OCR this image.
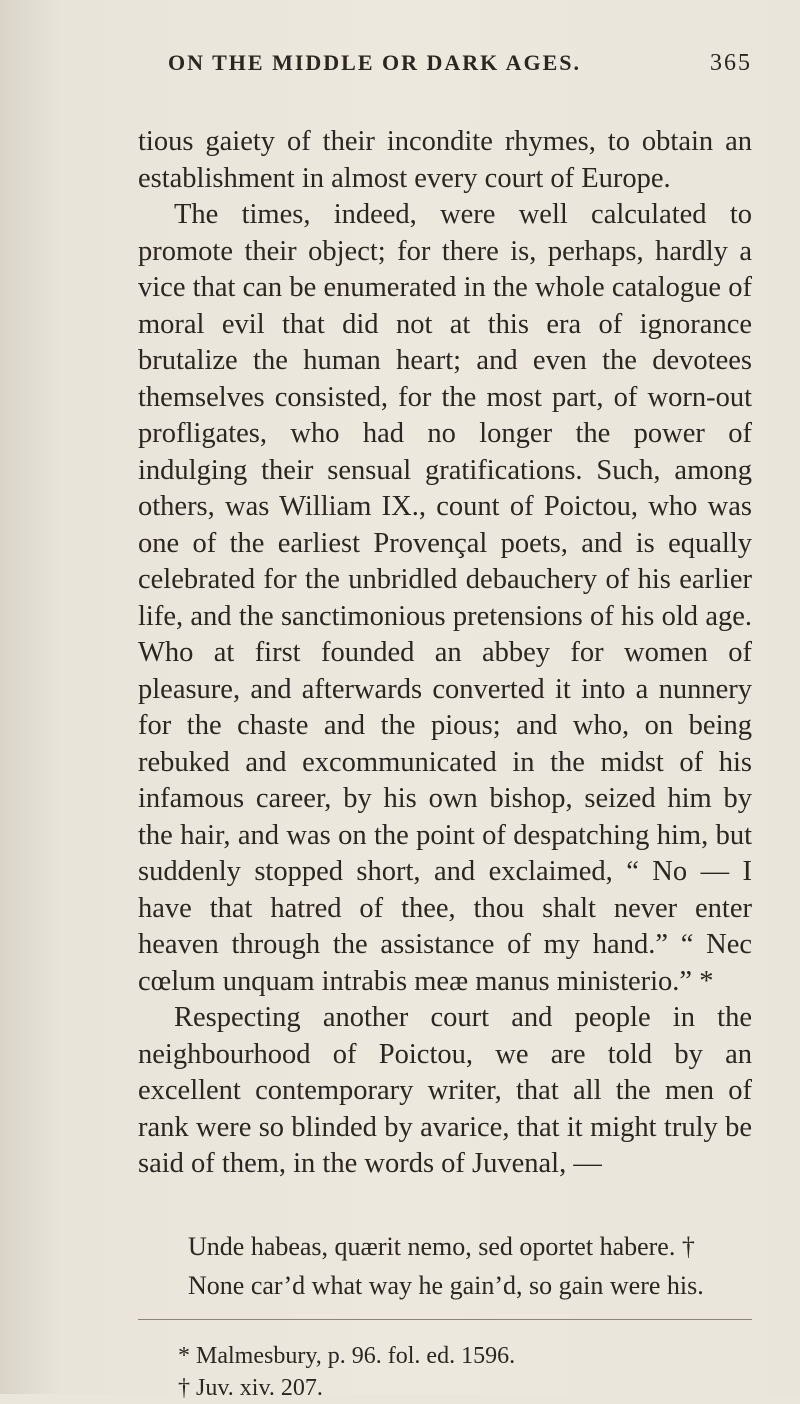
ON THE MIDDLE OR DARK AGES.	365

tious gaiety of their incondite rhymes, to obtain an establishment in almost every court of Europe.

The times, indeed, were well calculated to promote their object; for there is, perhaps, hardly a vice that can be enumerated in the whole catalogue of moral evil that did not at this era of ignorance brutalize the human heart; and even the devotees themselves consisted, for the most part, of worn-out profligates, who had no longer the power of indulging their sensual gratifications. Such, among others, was William IX., count of Poictou, who was one of the earliest Provençal poets, and is equally celebrated for the unbridled debauchery of his earlier life, and the sanctimonious pretensions of his old age. Who at first founded an abbey for women of pleasure, and afterwards converted it into a nunnery for the chaste and the pious; and who, on being rebuked and excommunicated in the midst of his infamous career, by his own bishop, seized him by the hair, and was on the point of despatching him, but suddenly stopped short, and exclaimed, “ No — I have that hatred of thee, thou shalt never enter heaven through the assistance of my hand.” “ Nec cœlum unquam intrabis meæ manus ministerio.” *

Respecting another court and people in the neighbourhood of Poictou, we are told by an excellent contemporary writer, that all the men of rank were so blinded by avarice, that it might truly be said of them, in the words of Juvenal, —

Unde habeas, quærit nemo, sed oportet habere. †
None car’d what way he gain’d, so gain were his.
* Malmesbury, p. 96. fol. ed. 1596.
† Juv. xiv. 207.
